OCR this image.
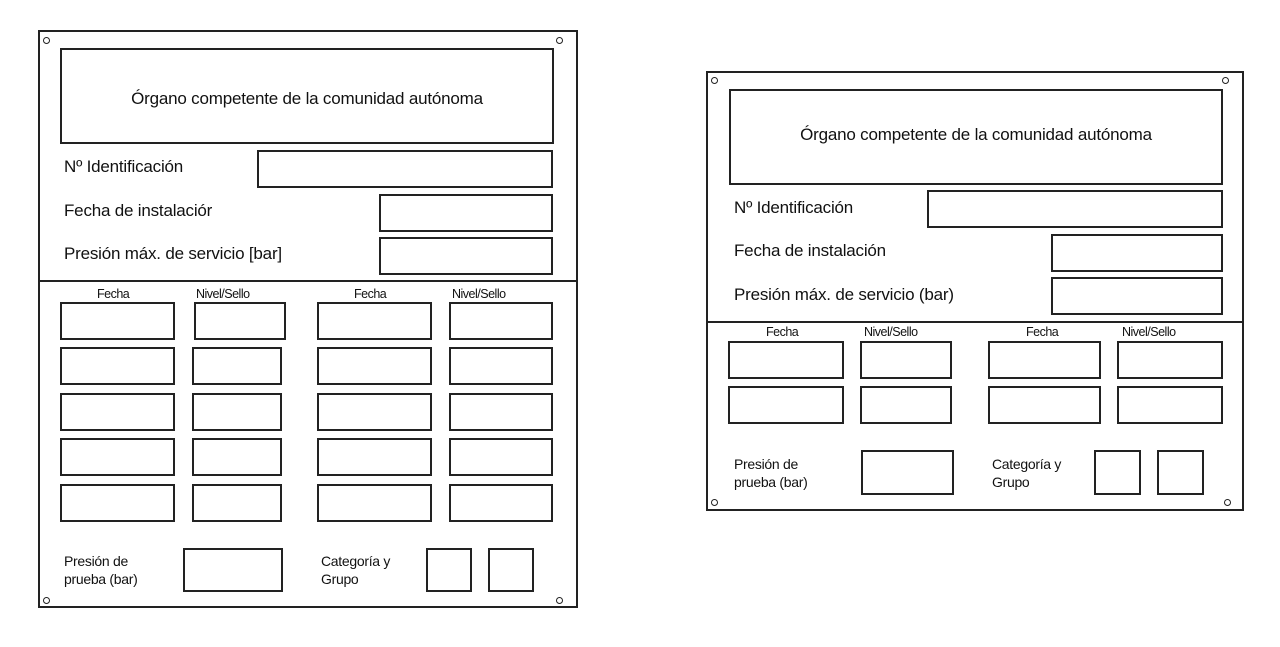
Órgano competente de la comunidad autónoma
Nº Identificación
Fecha de instalaciór
Presión máx. de servicio [bar]
Fecha	Nivel/Sello	Fecha	Nivel/Sello
Presión de
prueba (bar)
Categoría y
Grupo
Órgano competente de la comunidad autónoma
Nº Identificación
Fecha de instalación
Presión máx. de servicio (bar)
Fecha	Nivel/Sello	Fecha	Nivel/Sello
Presión de
prueba (bar)
Categoría y
Grupo
